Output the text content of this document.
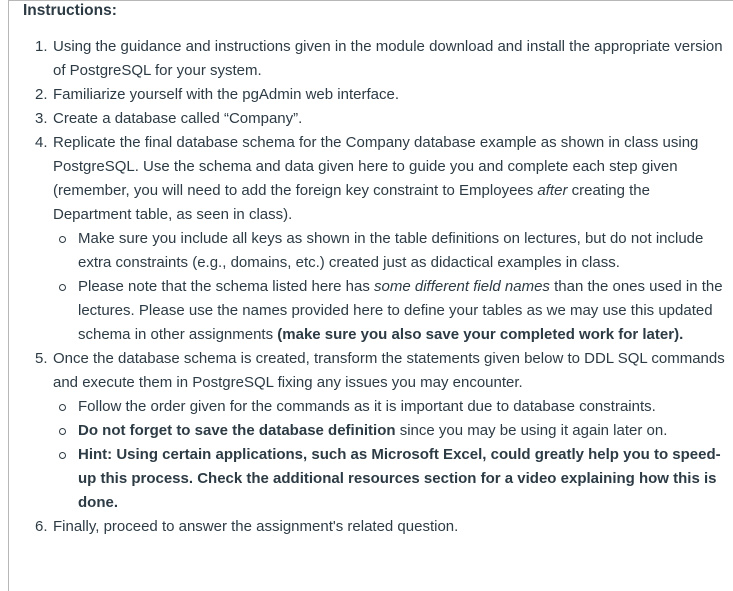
Instructions:
1. Using the guidance and instructions given in the module download and install the appropriate version of PostgreSQL for your system.
2. Familiarize yourself with the pgAdmin web interface.
3. Create a database called “Company”.
4. Replicate the final database schema for the Company database example as shown in class using PostgreSQL. Use the schema and data given here to guide you and complete each step given (remember, you will need to add the foreign key constraint to Employees after creating the Department table, as seen in class).
Make sure you include all keys as shown in the table definitions on lectures, but do not include extra constraints (e.g., domains, etc.) created just as didactical examples in class.
Please note that the schema listed here has some different field names than the ones used in the lectures. Please use the names provided here to define your tables as we may use this updated schema in other assignments (make sure you also save your completed work for later).
5. Once the database schema is created, transform the statements given below to DDL SQL commands and execute them in PostgreSQL fixing any issues you may encounter.
Follow the order given for the commands as it is important due to database constraints.
Do not forget to save the database definition since you may be using it again later on.
Hint: Using certain applications, such as Microsoft Excel, could greatly help you to speed-up this process. Check the additional resources section for a video explaining how this is done.
6. Finally, proceed to answer the assignment's related question.
